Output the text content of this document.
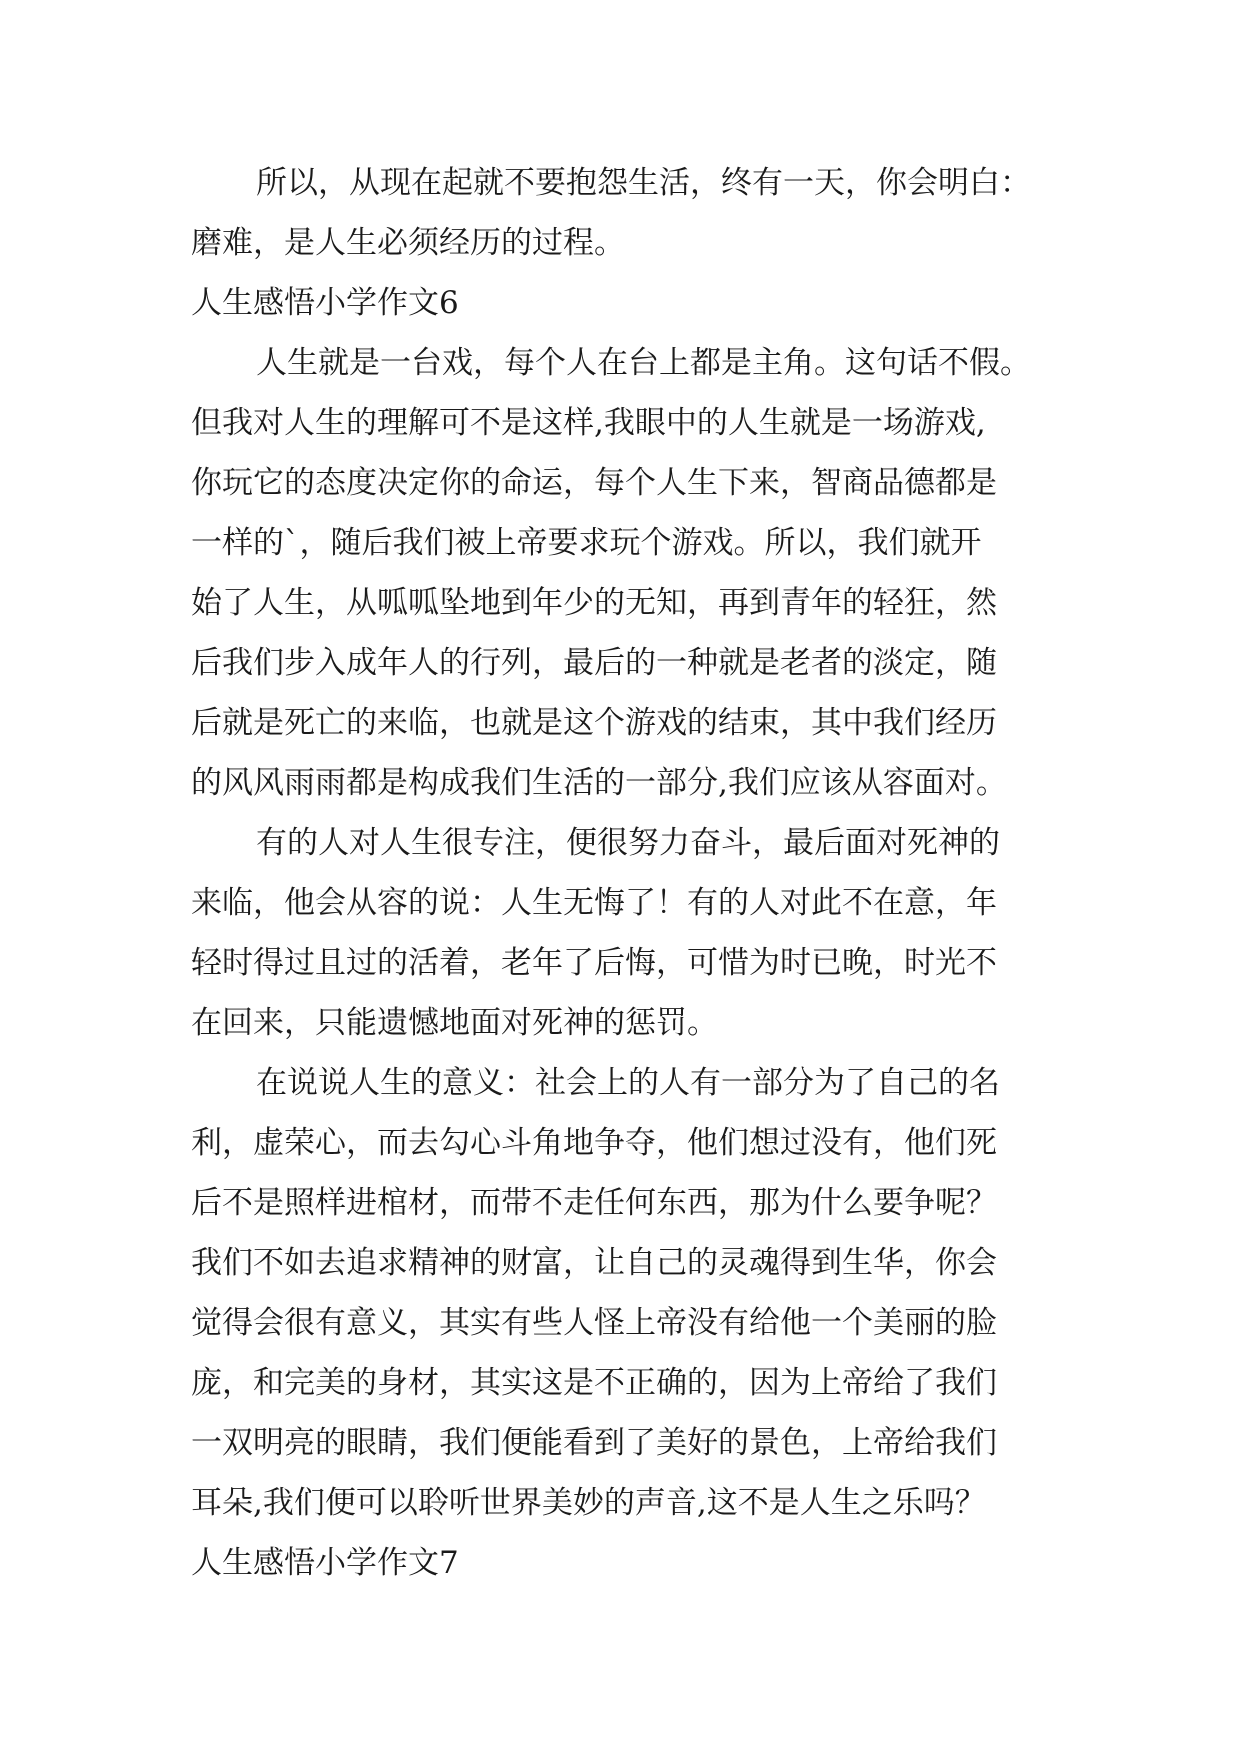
所以，从现在起就不要抱怨生活，终有一天，你会明白：
磨难，是人生必须经历的过程。
人生感悟小学作文6
人生就是一台戏，每个人在台上都是主角。这句话不假。
但我对人生的理解可不是这样,我眼中的人生就是一场游戏,
你玩它的态度决定你的命运，每个人生下来，智商品德都是
一样的`，随后我们被上帝要求玩个游戏。所以，我们就开
始了人生，从呱呱坠地到年少的无知，再到青年的轻狂，然
后我们步入成年人的行列，最后的一种就是老者的淡定，随
后就是死亡的来临，也就是这个游戏的结束，其中我们经历
的风风雨雨都是构成我们生活的一部分,我们应该从容面对。
有的人对人生很专注，便很努力奋斗，最后面对死神的
来临，他会从容的说：人生无悔了！有的人对此不在意，年
轻时得过且过的活着，老年了后悔，可惜为时已晚，时光不
在回来，只能遗憾地面对死神的惩罚。
在说说人生的意义：社会上的人有一部分为了自己的名
利，虚荣心，而去勾心斗角地争夺，他们想过没有，他们死
后不是照样进棺材，而带不走任何东西，那为什么要争呢？
我们不如去追求精神的财富，让自己的灵魂得到生华，你会
觉得会很有意义，其实有些人怪上帝没有给他一个美丽的脸
庞，和完美的身材，其实这是不正确的，因为上帝给了我们
一双明亮的眼睛，我们便能看到了美好的景色，上帝给我们
耳朵,我们便可以聆听世界美妙的声音,这不是人生之乐吗？
人生感悟小学作文7
